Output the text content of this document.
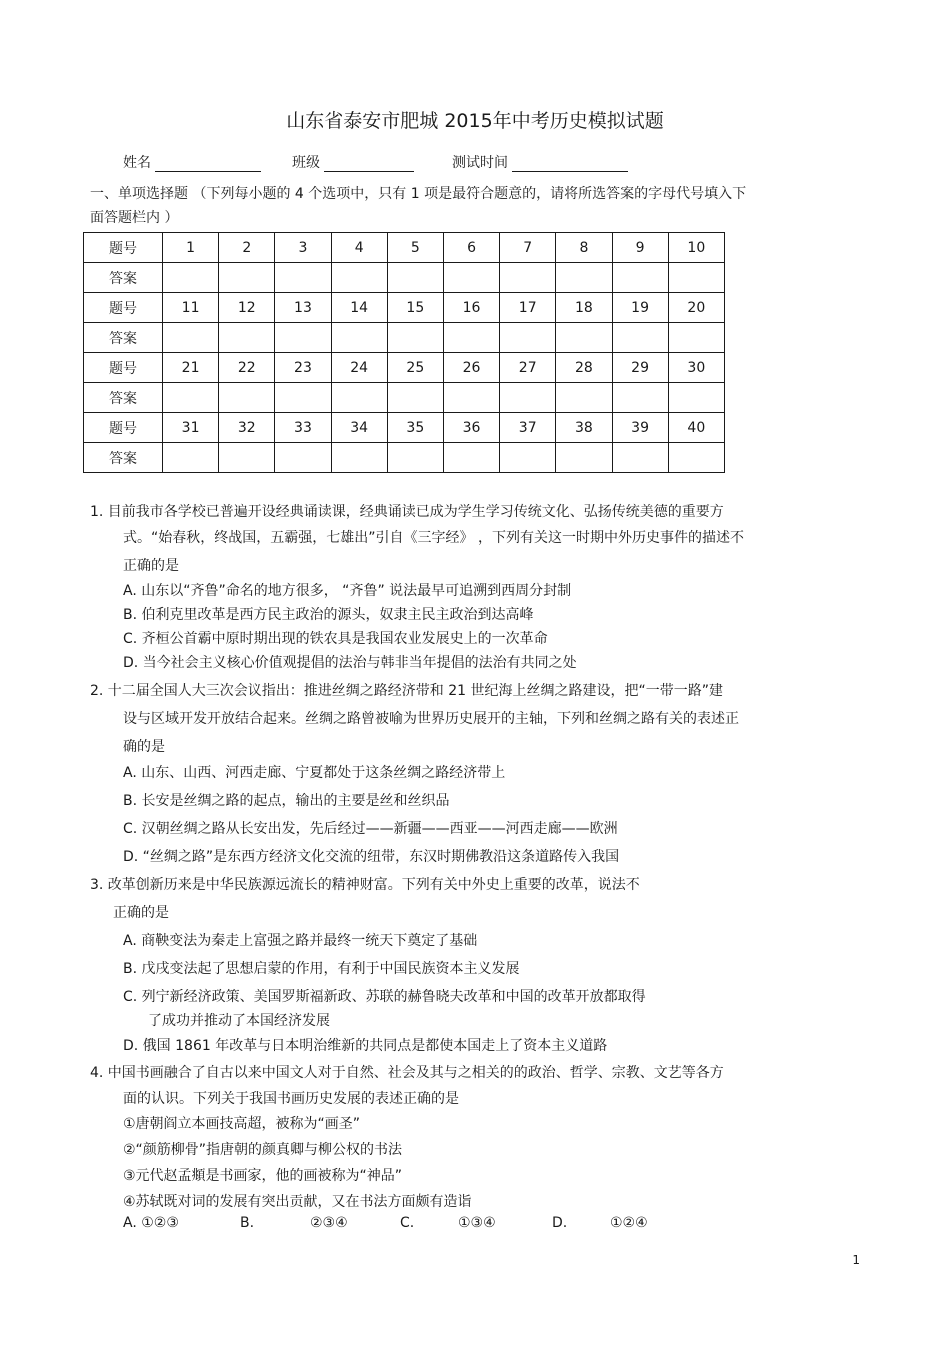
山东省泰安市肥城 2015年中考历史模拟试题
姓名	班级	测试时间
一、单项选择题 （下列每小题的 4 个选项中，只有 1 项是最符合题意的，请将所选答案的字母代号填入下
面答题栏内 ）
题号	1	2	3	4	5	6	7	8	9	10
答案										
题号	11	12	13	14	15	16	17	18	19	20
答案										
题号	21	22	23	24	25	26	27	28	29	30
答案										
题号	31	32	33	34	35	36	37	38	39	40
答案										
1. 目前我市各学校已普遍开设经典诵读课，经典诵读已成为学生学习传统文化、弘扬传统美德的重要方
式。“始春秋，终战国，五霸强，七雄出”引自《三字经》 ，下列有关这一时期中外历史事件的描述不
正确的是
A. 山东以“齐鲁”命名的地方很多， “齐鲁” 说法最早可追溯到西周分封制
B. 伯利克里改革是西方民主政治的源头，奴隶主民主政治到达高峰
C. 齐桓公首霸中原时期出现的铁农具是我国农业发展史上的一次革命
D. 当今社会主义核心价值观提倡的法治与韩非当年提倡的法治有共同之处
2. 十二届全国人大三次会议指出：推进丝绸之路经济带和 21 世纪海上丝绸之路建设，把“一带一路”建
设与区域开发开放结合起来。丝绸之路曾被喻为世界历史展开的主轴，下列和丝绸之路有关的表述正
确的是
A. 山东、山西、河西走廊、宁夏都处于这条丝绸之路经济带上
B. 长安是丝绸之路的起点，输出的主要是丝和丝织品
C. 汉朝丝绸之路从长安出发，先后经过——新疆——西亚——河西走廊——欧洲
D. “丝绸之路”是东西方经济文化交流的纽带，东汉时期佛教沿这条道路传入我国
3. 改革创新历来是中华民族源远流长的精神财富。下列有关中外史上重要的改革，说法不
正确的是
A. 商鞅变法为秦走上富强之路并最终一统天下奠定了基础
B. 戊戌变法起了思想启蒙的作用，有利于中国民族资本主义发展
C. 列宁新经济政策、美国罗斯福新政、苏联的赫鲁晓夫改革和中国的改革开放都取得
了成功并推动了本国经济发展
D. 俄国 1861 年改革与日本明治维新的共同点是都使本国走上了资本主义道路
4. 中国书画融合了自古以来中国文人对于自然、社会及其与之相关的的政治、哲学、宗教、文艺等各方
面的认识。下列关于我国书画历史发展的表述正确的是
①唐朝阎立本画技高超，被称为“画圣”
②“颜筋柳骨”指唐朝的颜真卿与柳公权的书法
③元代赵孟頫是书画家，他的画被称为“神品”
④苏轼既对词的发展有突出贡献，又在书法方面颇有造诣
A. ①②③	B.	②③④	C.	①③④	D.	①②④
1
